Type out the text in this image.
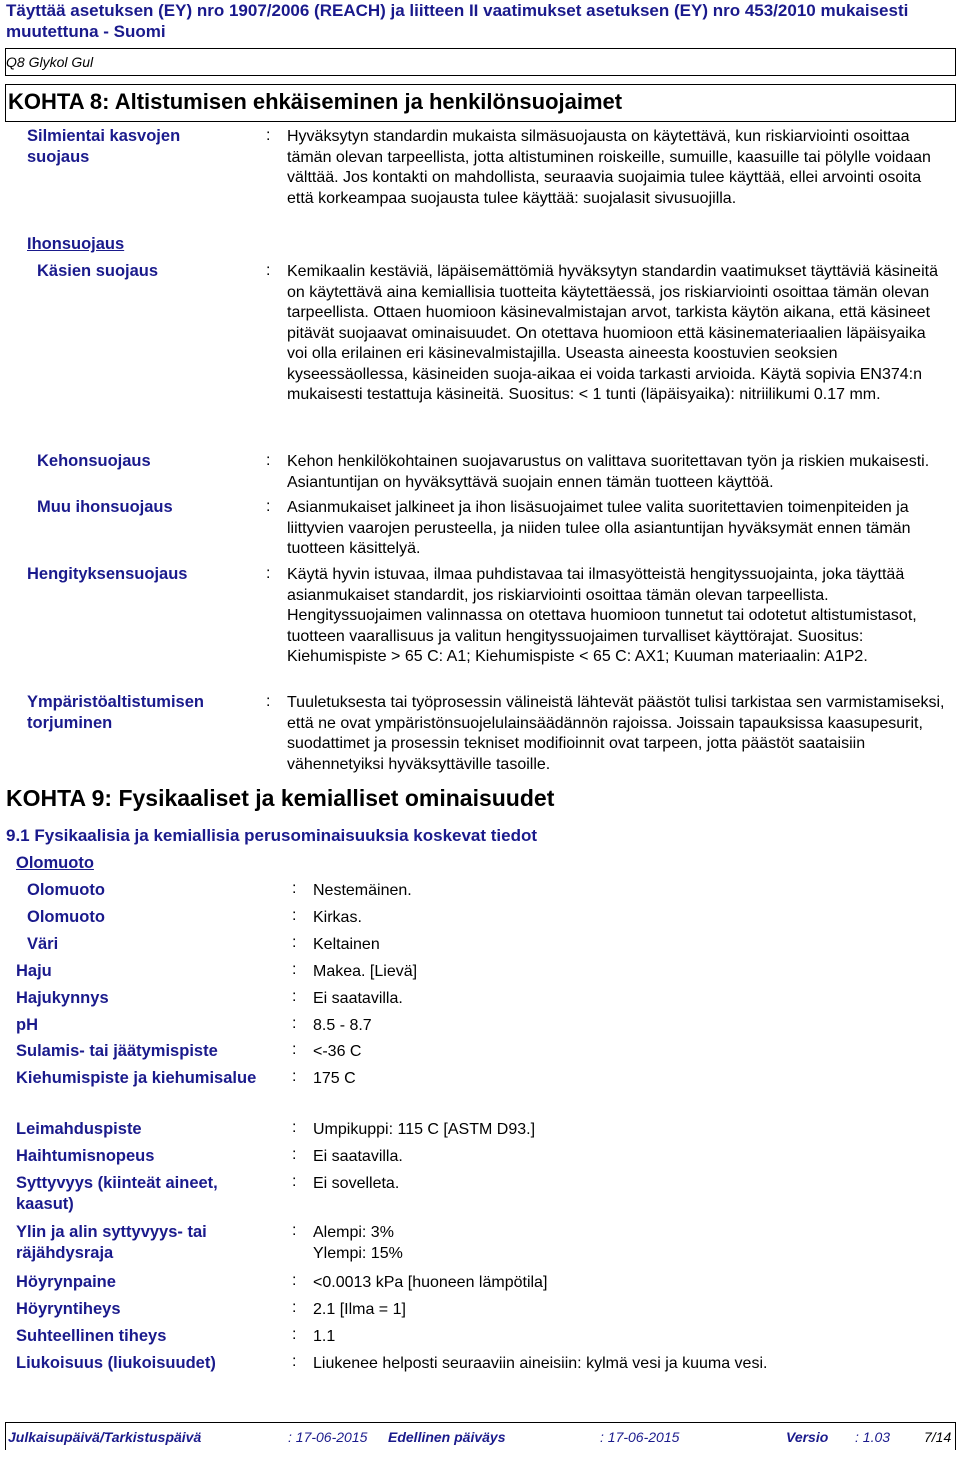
Täyttää asetuksen (EY) nro 1907/2006 (REACH) ja liitteen II vaatimukset asetuksen (EY) nro 453/2010 mukaisesti muutettuna - Suomi
Q8 Glykol Gul
KOHTA 8: Altistumisen ehkäiseminen ja henkilönsuojaimet
Silmientai kasvojen suojaus
: Hyväksytyn standardin mukaista silmäsuojausta on käytettävä, kun riskiarviointi osoittaa tämän olevan tarpeellista, jotta altistuminen roiskeille, sumuille, kaasuille tai pölylle voidaan välttää. Jos kontakti on mahdollista, seuraavia suojaimia tulee käyttää, ellei arvointi osoita että korkeampaa suojausta tulee käyttää: suojalasit sivusuojilla.
Ihonsuojaus
Käsien suojaus	: Kemikaalin kestäviä, läpäisemättömiä hyväksytyn standardin vaatimukset täyttäviä käsineitä on käytettävä aina kemiallisia tuotteita käytettäessä, jos riskiarviointi osoittaa tämän olevan tarpeellista. Ottaen huomioon käsinevalmistajan arvot, tarkista käytön aikana, että käsineet pitävät suojaavat ominaisuudet. On otettava huomioon että käsinemateriaalien läpäisyaika voi olla erilainen eri käsinevalmistajilla. Useasta aineesta koostuvien seoksien kyseessäollessa, käsineiden suoja-aikaa ei voida tarkasti arvioida. Käytä sopivia EN374:n mukaisesti testattuja käsineitä. Suositus: < 1 tunti (läpäisyaika): nitriilikumi 0.17 mm.
Kehonsuojaus	: Kehon henkilökohtainen suojavarustus on valittava suoritettavan työn ja riskien mukaisesti. Asiantuntijan on hyväksyttävä suojain ennen tämän tuotteen käyttöä.
Muu ihonsuojaus	: Asianmukaiset jalkineet ja ihon lisäsuojaimet tulee valita suoritettavien toimenpiteiden ja liittyvien vaarojen perusteella, ja niiden tulee olla asiantuntijan hyväksymät ennen tämän tuotteen käsittelyä.
Hengityksensuojaus	: Käytä hyvin istuvaa, ilmaa puhdistavaa tai ilmasyötteistä hengityssuojainta, joka täyttää asianmukaiset standardit, jos riskiarviointi osoittaa tämän olevan tarpeellista. Hengityssuojaimen valinnassa on otettava huomioon tunnetut tai odotetut altistumistasot, tuotteen vaarallisuus ja valitun hengityssuojaimen turvalliset käyttörajat. Suositus: Kiehumispiste > 65 C: A1; Kiehumispiste < 65 C: AX1; Kuuman materiaalin: A1P2.
Ympäristöaltistumisen torjuminen
: Tuuletuksesta tai työprosessin välineistä lähtevät päästöt tulisi tarkistaa sen varmistamiseksi, että ne ovat ympäristönsuojelulainsäädännön rajoissa. Joissain tapauksissa kaasupesurit, suodattimet ja prosessin tekniset modifioinnit ovat tarpeen, jotta päästöt saataisiin vähennetyiksi hyväksyttäville tasoille.
KOHTA 9: Fysikaaliset ja kemialliset ominaisuudet
9.1 Fysikaalisia ja kemiallisia perusominaisuuksia koskevat tiedot
Olomuoto
Olomuoto	: Nestemäinen.
Olomuoto	: Kirkas.
Väri	: Keltainen
Haju	: Makea. [Lievä]
Hajukynnys	: Ei saatavilla.
pH	: 8.5 - 8.7
Sulamis- tai jäätymispiste	: <-36 C
Kiehumispiste ja kiehumisalue : 175 C
Leimahduspiste	: Umpikuppi: 115 C [ASTM D93.]
Haihtumisnopeus	: Ei saatavilla.
Syttyvyys (kiinteät aineet, kaasut)
: Ei sovelleta.
Ylin ja alin syttyvyys- tai räjähdysraja
: Alempi: 3%
Ylempi: 15%
Höyrynpaine	: <0.0013 kPa [huoneen lämpötila]
Höyryntiheys	: 2.1 [Ilma = 1]
Suhteellinen tiheys	: 1.1
Liukoisuus (liukoisuudet)	: Liukenee helposti seuraaviin aineisiin: kylmä vesi ja kuuma vesi.
Julkaisupäivä/Tarkistuspäivä	: 17-06-2015 Edellinen päiväys	: 17-06-2015	Versio : 1.03 7/14
